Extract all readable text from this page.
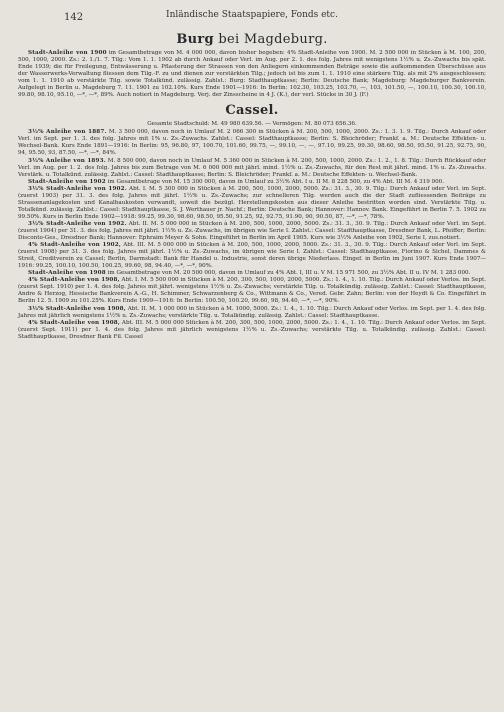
142	Inländische Staatspapiere, Fonds etc.
Burg bei Magdeburg.

Stadt-Anleihe von 1900 im Gesamtbetrage von M. 4 000 000, davon bisher begeben: 4% Stadt-Anleihe von 1900. M. 2 500 000 in Stücken à M. 100, 200, 500, 1000, 2000. Zs.: 2. 1./1. 7. Tilg.: Vom 1. 1. 1902 ab durch Ankauf oder Verl. im Aug. per 2. 1. des folg. Jahres mit wenigstens 1½% u. Zs.-Zuwachs bis spät. Ende 1939; die für Freilegung, Entwässerung u. Pflasterung der Strassen von den Anliegern einkommenden Beträge sowie die aufkommenden Überschüsse aus der Wasserwerks-Verwaltung fliessen dem Tilg.-F. zu und dienen zur verstärkten Tilg.; jedoch ist bis zum 1. 1. 1910 eine stärkere Tilg. als mit 2% ausgeschlossen; vom 1. 1. 1910 ab verstärkte Tilg. sowie Totalkünd. zulässig. Zahlst.: Burg: Stadthauptkasse; Berlin: Deutsche Bank; Magdeburg: Magdeburger Bankverein. Aufgelegt in Berlin u. Magdeburg 7. 11. 1901 zu 102.10%. Kurs Ende 1901—1916: In Berlin: 102.30, 103.25, 103.70, —, 103, 101.50, —, 100.10, 100.30, 100.10, 99.80, 98.10, 95.10, —*, —*, 89%. Auch notiert in Magdeburg. Verj. der Zinsscheine in 4 J. (K.), der verl. Stücke in 30 J. (F.)

Cassel.
Gesamte Stadtschuld: M. 49 980 639.56. — Vermögen: M. 80 073 656.36.

3½% Anleihe von 1887. M. 3 500 000, davon noch in Umlauf M. 2 066 300 in Stücken à M. 200, 500, 1000, 2000. Zs.: 1. 3. 1. 9. Tilg.: Durch Ankauf oder Verl. im Sept. per 1. 3. des folg. Jahres mit 1% u. Zs.-Zuwachs. Zahlst.: Cassel: Stadthauptkasse; Berlin: S. Bleichröder; Frankf. a. M.: Deutsche Effekten- u. Wechsel-Bank. Kurs Ende 1891—1916: In Berlin: 95, 96.80, 97, 100.70, 101.60, 99.75, —, 99.10, —, —, 97.10, 99.25, 99.30, 98.60, 98.50, 95.50, 91.25, 92.75, 90, 94, 95.50, 93, 87.50, —*, —*, 84%.

3½% Anleihe von 1893. M. 8 500 000, davon noch in Umlauf M. 5 360 000 in Stücken à M. 200, 500, 1000, 2000. Zs.: 1. 2., 1. 8. Tilg.: Durch Rückkauf oder Verl. im Aug. per 1. 2. des folg. Jahres bis zum Betrage von M. 6 000 000 mit jährl. mind. 1½% u. Zs.-Zuwachs, für den Rest mit jährl. mind. 1% u. Zs.-Zuwachs. Verstärk. u. Totalkünd. zulässig. Zahlst.: Cassel: Stadthauptkasse; Berlin: S. Bleichröder; Frankf. a. M.: Deutsche Effekten- u. Wechsel-Bank.

Stadt-Anleihe von 1902 im Gesamtbetrage von M. 15 300 000, davon in Umlauf zu 3½% Abt. I u. II M. 8 228 500, zu 4% Abt. III M. 4 319 900.

3½% Stadt-Anleihe von 1902. Abt. I. M. 5 300 000 in Stücken à M. 200, 500, 1000, 2000, 5000. Zs.: 31. 3., 30. 9. Tilg.: Durch Ankauf oder Verl. im Sept. (zuerst 1903) per 31. 3. des folg. Jahres mit jährl. 1½% u. Zs.-Zuwachs; zur schnelleren Tilg. werden auch die der Stadt zufliessenden Beiträge zu Strassenanlagekosten und Kanalbaukosten verwandt, soweit die bezügl. Herstellungskosten aus dieser Anleihe bestritten worden sind. Verstärkte Tilg. u. Totalkünd. zulässig. Zahlst.: Cassel: Stadthauptkasse, S. J. Werthauer jr. Nachf.; Berlin: Deutsche Bank; Hannover: Hannov. Bank. Eingeführt in Berlin 7. 5. 1902 zu 99.50%. Kurs in Berlin Ende 1902—1918: 99.25, 99.30, 98.60, 98.50, 95.50, 91.25, 92, 92.75, 91.90, 90, 90.50, 87, —*, —*, 78%.

3½% Stadt-Anleihe von 1902. Abt. II. M. 5 000 000 in Stücken à M. 200, 500, 1000, 2000, 5000. Zs.: 31. 3., 30. 9. Tilg.: Durch Ankauf oder Verl. im Sept. (zuerst 1904) per 31. 3. des folg. Jahres mit jährl. 1½% u. Zs.-Zuwachs, im übrigen wie Serie I. Zahlst.: Cassel: Stadthauptkasse, Dresdner Bank, L. Pfeiffer; Berlin: Disconto-Ges., Dresdner Bank; Hannover: Ephraim Meyer & Sohn. Eingeführt in Berlin im April 1905. Kurs wie 3½% Anleihe von 1902, Serie I, zus.notiert.

4% Stadt-Anleihe von 1902, Abt. III. M. 5 000 000 in Stücken à M. 200, 500, 1000, 2000, 5000. Zs.: 31. 3., 30. 9. Tilg.: Durch Ankauf oder Verl. im Sept. (zuerst 1908) per 31. 3. des folg. Jahres mit jährl. 1½% u. Zs.-Zuwachs, im übrigen wie Serie I. Zahlst.: Cassel: Stadthauptkasse, Fiorino & Sichel, Dammes & Streit, Creditverein zu Cassel; Berlin, Darmstadt: Bank für Handel u. Industrie, sonst deren übrige Niederlass. Eingef. in Berlin im Juni 1907. Kurs Ende 1907—1916: 99.25, 100.10, 100.50, 100.25, 99.60, 98, 94.40, —*, —*, 90%.

Stadt-Anleihe von 1908 im Gesamtbetrage von M. 20 500 000, davon in Umlauf zu 4% Abt. I, III u. V M. 15 971 500, zu 3½% Abt. II u. IV M. 1 283 000.

4% Stadt-Anleihe von 1908, Abt. I. M. 5 500 000 in Stücken à M. 200, 300, 500, 1000, 2000, 5000. Zs.: 1. 4., 1. 10. Tilg.: Durch Ankauf oder Verlos. im Sept. (zuerst Sept. 1910) per 1. 4. des folg. Jahres mit jährl. wenigstens 1½% u. Zs.-Zuwachs; verstärkte Tilg. u. Totalkündig. zulässig. Zahlst.: Cassel: Stadthauptkasse, Andre & Herzog, Hessische Bankverein A.-G., H. Schimmer, Schwarzenberg & Co., Wittmann & Co., Vered. Gebr. Zahn; Berlin: von der Heydt & Co. Eingeführt in Berlin 12. 5. 1909 zu 101.25%. Kurs Ende 1909—1916: In Berlin: 100.50, 100.20, 99.60, 98, 94.40, —*, —*, 90%.

3½% Stadt-Anleihe von 1908, Abt. II. M. 1 000 000 in Stücken à M. 1000, 5000. Zs.: 1. 4., 1. 10. Tilg.: Durch Ankauf oder Verlos. im Sept. per 1. 4. des folg. Jahres mit jährlich wenigstens 1½% u. Zs.-Zuwachs; verstärkte Tilg. u. Totalkündig. zulässig. Zahlst.: Cassel: Stadthauptkasse.

4% Stadt-Anleihe von 1908, Abt. III. M. 5 000 000 Stücken à M. 200, 300, 500, 1000, 2000, 5000. Zs.: 1. 4., 1. 10. Tilg.: Durch Ankauf oder Verlos. im Sept. (zuerst Sept. 1911) per 1. 4. des folg. Jahres mit jährlich wenigstens 1½% u. Zs.-Zuwachs; verstärkte Tilg. u. Totalkündig. zulässig. Zahlst.: Cassel: Stadthauptkasse, Dresdner Bank Fil. Cassel
